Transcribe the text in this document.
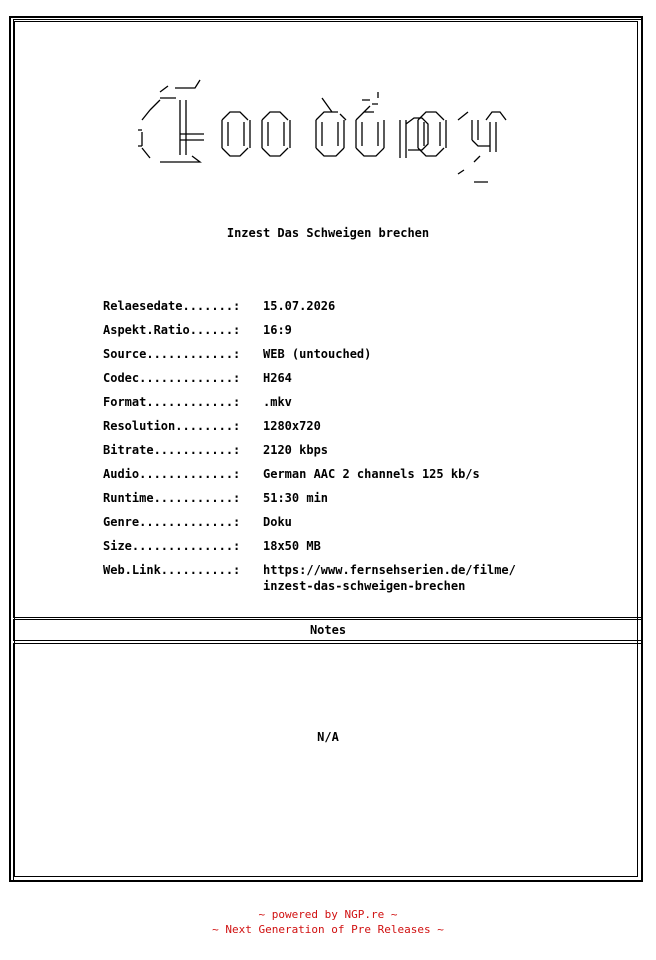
Inzest Das Schweigen brechen
Relaesedate.......:	15.07.2026
Aspekt.Ratio......:	16:9
Source............:	WEB (untouched)
Codec.............:	H264
Format............:	.mkv
Resolution........:	1280x720
Bitrate...........:	2120 kbps
Audio.............:	German AAC 2 channels 125 kb/s
Runtime...........:	51:30 min
Genre.............:	Doku
Size..............:	18x50 MB
Web.Link..........:	https://www.fernsehserien.de/filme/
inzest-das-schweigen-brechen
Notes
N/A
~ powered by NGP.re ~
~ Next Generation of Pre Releases ~
